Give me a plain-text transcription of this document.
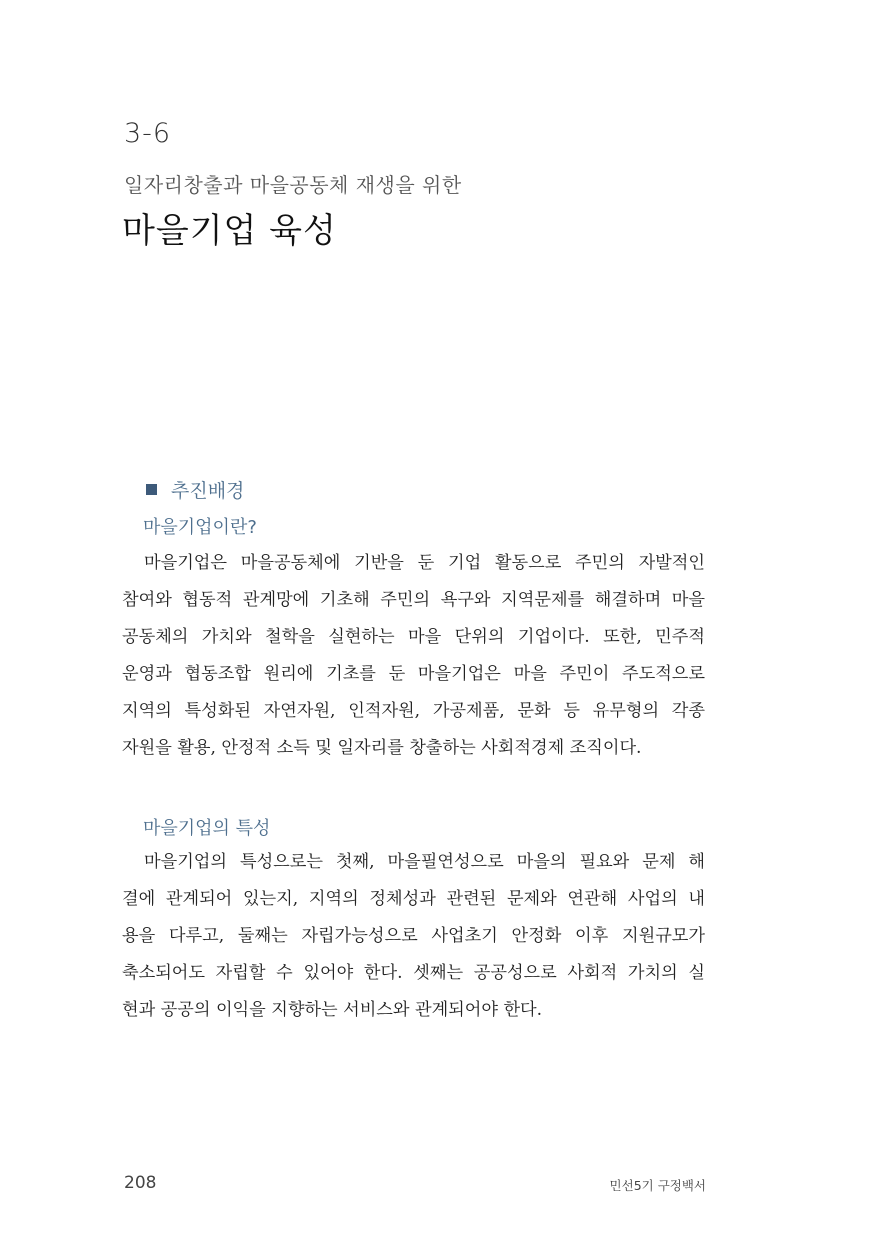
3-6
일자리창출과 마을공동체 재생을 위한
마을기업 육성
추진배경
마을기업이란?
마을기업은 마을공동체에 기반을 둔 기업 활동으로 주민의 자발적인
참여와 협동적 관계망에 기초해 주민의 욕구와 지역문제를 해결하며 마을
공동체의 가치와 철학을 실현하는 마을 단위의 기업이다. 또한, 민주적
운영과 협동조합 원리에 기초를 둔 마을기업은 마을 주민이 주도적으로
지역의 특성화된 자연자원, 인적자원, 가공제품, 문화 등 유무형의 각종
자원을 활용, 안정적 소득 및 일자리를 창출하는 사회적경제 조직이다.
마을기업의 특성
마을기업의 특성으로는 첫째, 마을필연성으로 마을의 필요와 문제 해
결에 관계되어 있는지, 지역의 정체성과 관련된 문제와 연관해 사업의 내
용을 다루고, 둘째는 자립가능성으로 사업초기 안정화 이후 지원규모가
축소되어도 자립할 수 있어야 한다. 셋째는 공공성으로 사회적 가치의 실
현과 공공의 이익을 지향하는 서비스와 관계되어야 한다.
208	민선5기 구정백서
